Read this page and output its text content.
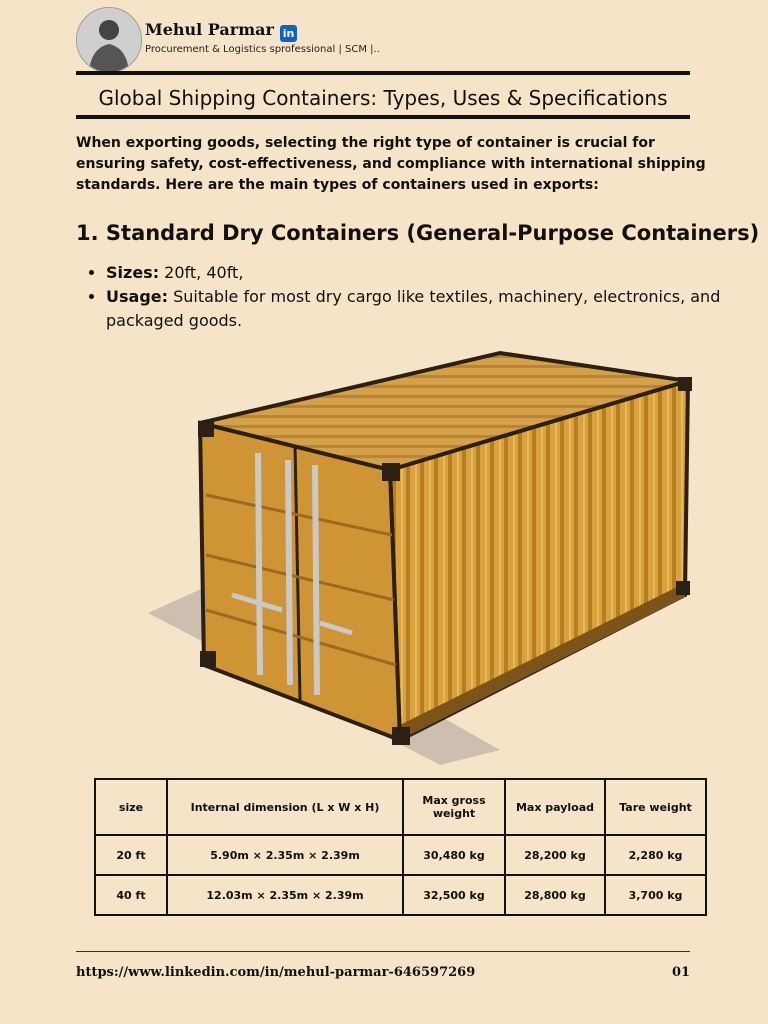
Mehul Parmar in
Procurement & Logistics sprofessional | SCM |..
Global Shipping Containers: Types, Uses & Specifications
When exporting goods, selecting the right type of container is crucial for ensuring safety, cost-effectiveness, and compliance with international shipping standards. Here are the main types of containers used in exports:
1. Standard Dry Containers (General-Purpose Containers)
• Sizes: 20ft, 40ft,
• Usage: Suitable for most dry cargo like textiles, machinery, electronics, and packaged goods.
size	Internal dimension (L x W x H)	Max gross weight	Max payload	Tare weight
20 ft	5.90m × 2.35m × 2.39m	30,480 kg	28,200 kg	2,280 kg
40 ft	12.03m × 2.35m × 2.39m	32,500 kg	28,800 kg	3,700 kg
https://www.linkedin.com/in/mehul-parmar-646597269	01
